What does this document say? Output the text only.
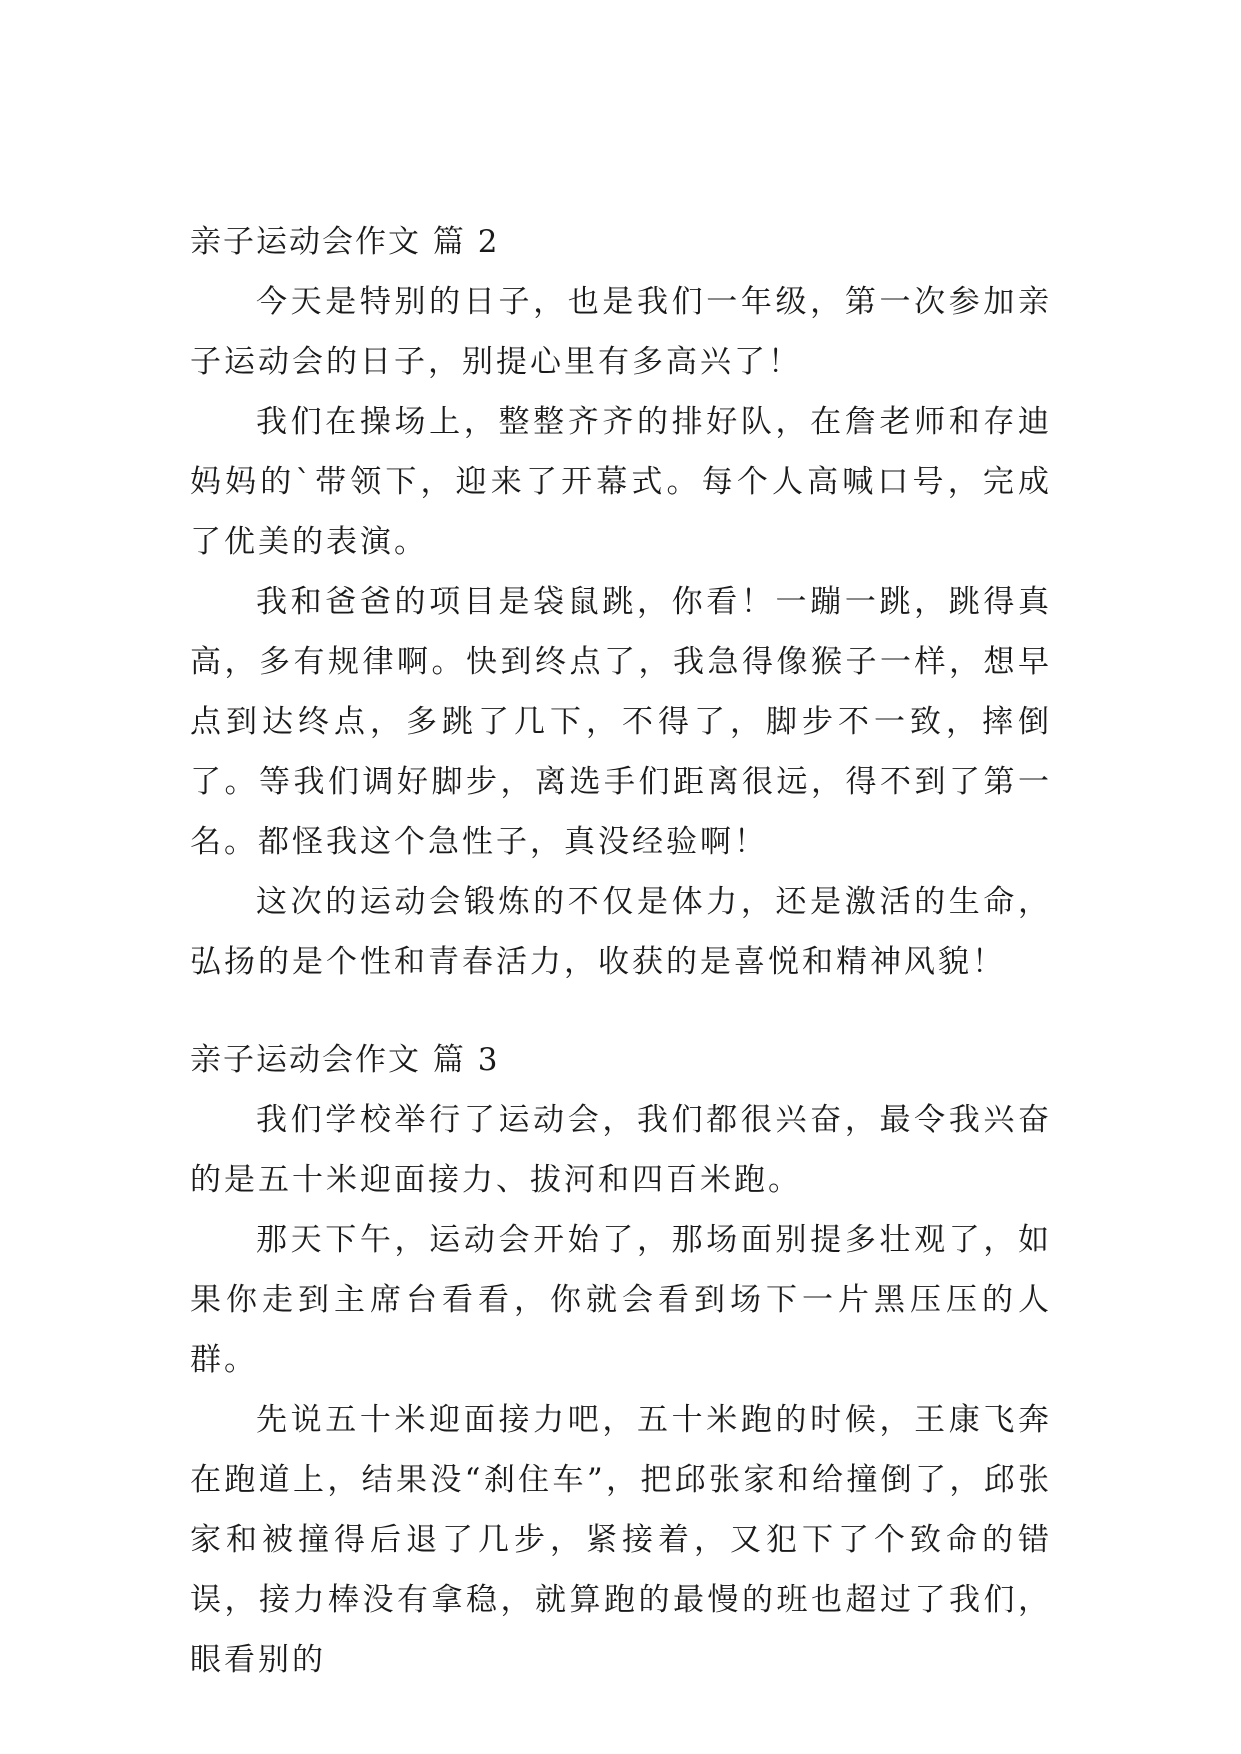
亲子运动会作文 篇 2

今天是特别的日子，也是我们一年级，第一次参加亲子运动会的日子，别提心里有多高兴了！

我们在操场上，整整齐齐的排好队，在詹老师和存迪妈妈的`带领下，迎来了开幕式。每个人高喊口号，完成了优美的表演。

我和爸爸的项目是袋鼠跳，你看！一蹦一跳，跳得真高，多有规律啊。快到终点了，我急得像猴子一样，想早点到达终点，多跳了几下，不得了，脚步不一致，摔倒了。等我们调好脚步，离选手们距离很远，得不到了第一名。都怪我这个急性子，真没经验啊！

这次的运动会锻炼的不仅是体力，还是激活的生命，弘扬的是个性和青春活力，收获的是喜悦和精神风貌！

亲子运动会作文 篇 3

我们学校举行了运动会，我们都很兴奋，最令我兴奋的是五十米迎面接力、拔河和四百米跑。

那天下午，运动会开始了，那场面别提多壮观了，如果你走到主席台看看，你就会看到场下一片黑压压的人群。

先说五十米迎面接力吧，五十米跑的时候，王康飞奔在跑道上，结果没“刹住车”，把邱张家和给撞倒了，邱张家和被撞得后退了几步，紧接着，又犯下了个致命的错误，接力棒没有拿稳，就算跑的最慢的班也超过了我们，眼看别的
